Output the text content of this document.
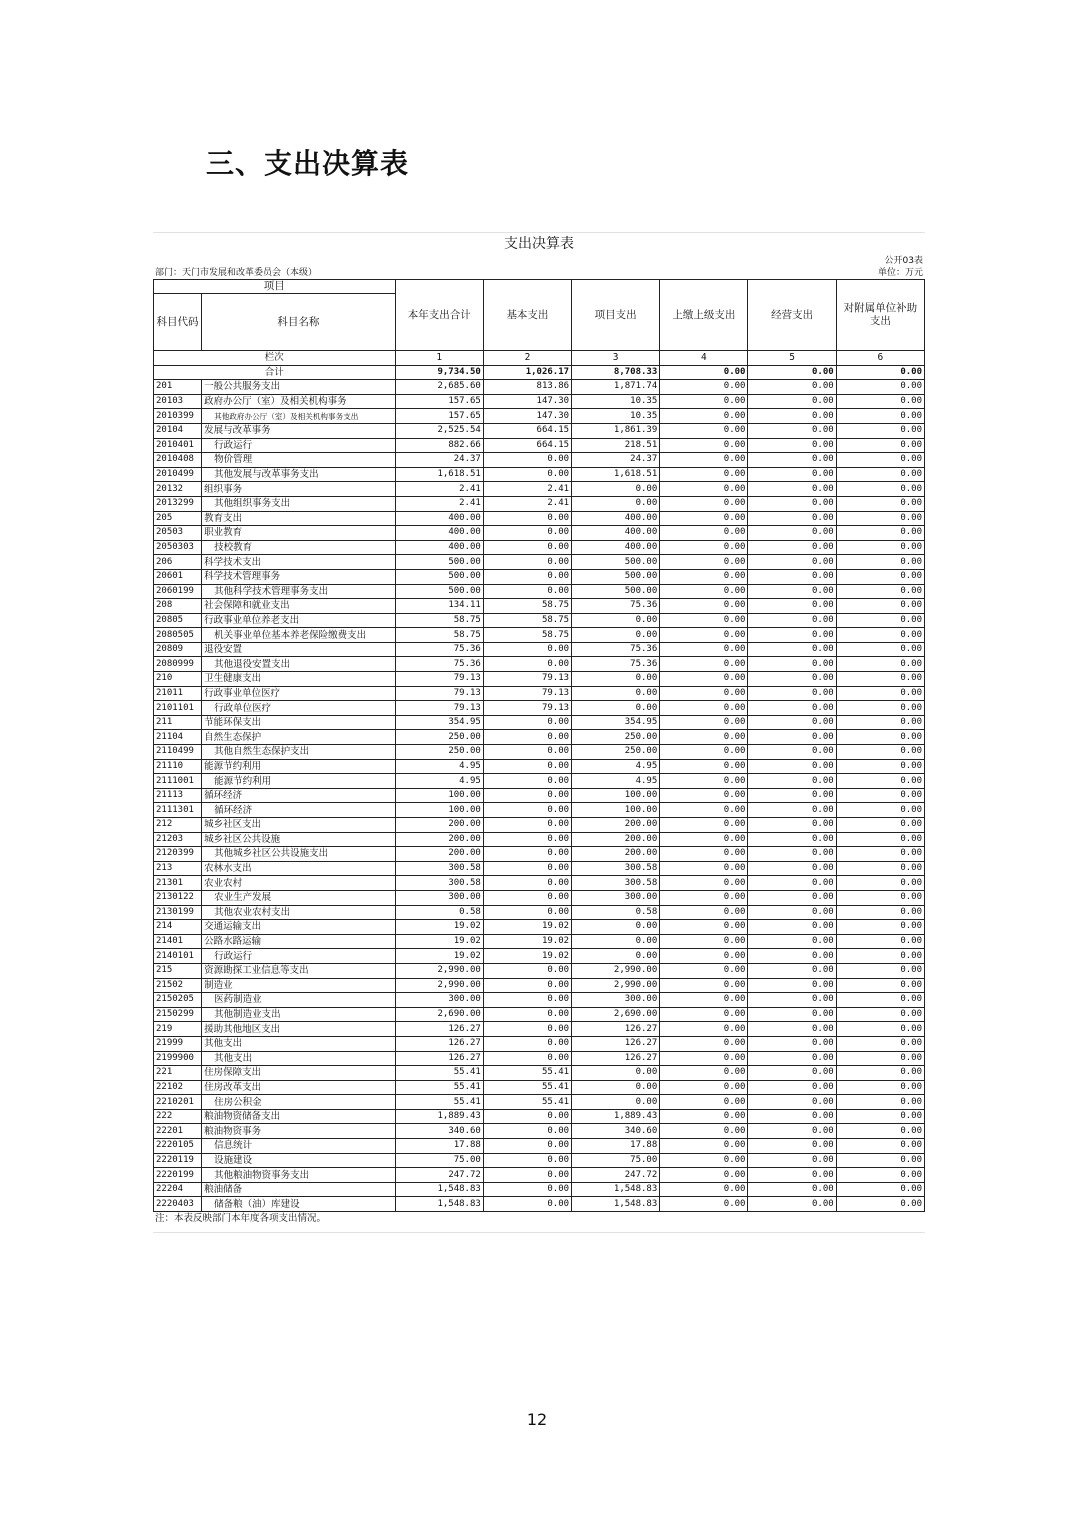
三、支出决算表
支出决算表
公开03表
部门：天门市发展和改革委员会（本级）	单位：万元
项目		本年支出合计	基本支出	项目支出	上缴上级支出	经营支出	对附属单位补助支出
科目代码	科目名称						
栏次		1	2	3	4	5	6
合计		9,734.50	1,026.17	8,708.33	0.00	0.00	0.00
201	一般公共服务支出	2,685.60	813.86	1,871.74	0.00	0.00	0.00
20103	政府办公厅（室）及相关机构事务	157.65	147.30	10.35	0.00	0.00	0.00
2010399	其他政府办公厅（室）及相关机构事务支出	157.65	147.30	10.35	0.00	0.00	0.00
20104	发展与改革事务	2,525.54	664.15	1,861.39	0.00	0.00	0.00
2010401	行政运行	882.66	664.15	218.51	0.00	0.00	0.00
2010408	物价管理	24.37	0.00	24.37	0.00	0.00	0.00
2010499	其他发展与改革事务支出	1,618.51	0.00	1,618.51	0.00	0.00	0.00
20132	组织事务	2.41	2.41	0.00	0.00	0.00	0.00
2013299	其他组织事务支出	2.41	2.41	0.00	0.00	0.00	0.00
205	教育支出	400.00	0.00	400.00	0.00	0.00	0.00
20503	职业教育	400.00	0.00	400.00	0.00	0.00	0.00
2050303	技校教育	400.00	0.00	400.00	0.00	0.00	0.00
206	科学技术支出	500.00	0.00	500.00	0.00	0.00	0.00
20601	科学技术管理事务	500.00	0.00	500.00	0.00	0.00	0.00
2060199	其他科学技术管理事务支出	500.00	0.00	500.00	0.00	0.00	0.00
208	社会保障和就业支出	134.11	58.75	75.36	0.00	0.00	0.00
20805	行政事业单位养老支出	58.75	58.75	0.00	0.00	0.00	0.00
2080505	机关事业单位基本养老保险缴费支出	58.75	58.75	0.00	0.00	0.00	0.00
20809	退役安置	75.36	0.00	75.36	0.00	0.00	0.00
2080999	其他退役安置支出	75.36	0.00	75.36	0.00	0.00	0.00
210	卫生健康支出	79.13	79.13	0.00	0.00	0.00	0.00
21011	行政事业单位医疗	79.13	79.13	0.00	0.00	0.00	0.00
2101101	行政单位医疗	79.13	79.13	0.00	0.00	0.00	0.00
211	节能环保支出	354.95	0.00	354.95	0.00	0.00	0.00
21104	自然生态保护	250.00	0.00	250.00	0.00	0.00	0.00
2110499	其他自然生态保护支出	250.00	0.00	250.00	0.00	0.00	0.00
21110	能源节约利用	4.95	0.00	4.95	0.00	0.00	0.00
2111001	能源节约利用	4.95	0.00	4.95	0.00	0.00	0.00
21113	循环经济	100.00	0.00	100.00	0.00	0.00	0.00
2111301	循环经济	100.00	0.00	100.00	0.00	0.00	0.00
212	城乡社区支出	200.00	0.00	200.00	0.00	0.00	0.00
21203	城乡社区公共设施	200.00	0.00	200.00	0.00	0.00	0.00
2120399	其他城乡社区公共设施支出	200.00	0.00	200.00	0.00	0.00	0.00
213	农林水支出	300.58	0.00	300.58	0.00	0.00	0.00
21301	农业农村	300.58	0.00	300.58	0.00	0.00	0.00
2130122	农业生产发展	300.00	0.00	300.00	0.00	0.00	0.00
2130199	其他农业农村支出	0.58	0.00	0.58	0.00	0.00	0.00
214	交通运输支出	19.02	19.02	0.00	0.00	0.00	0.00
21401	公路水路运输	19.02	19.02	0.00	0.00	0.00	0.00
2140101	行政运行	19.02	19.02	0.00	0.00	0.00	0.00
215	资源勘探工业信息等支出	2,990.00	0.00	2,990.00	0.00	0.00	0.00
21502	制造业	2,990.00	0.00	2,990.00	0.00	0.00	0.00
2150205	医药制造业	300.00	0.00	300.00	0.00	0.00	0.00
2150299	其他制造业支出	2,690.00	0.00	2,690.00	0.00	0.00	0.00
219	援助其他地区支出	126.27	0.00	126.27	0.00	0.00	0.00
21999	其他支出	126.27	0.00	126.27	0.00	0.00	0.00
2199900	其他支出	126.27	0.00	126.27	0.00	0.00	0.00
221	住房保障支出	55.41	55.41	0.00	0.00	0.00	0.00
22102	住房改革支出	55.41	55.41	0.00	0.00	0.00	0.00
2210201	住房公积金	55.41	55.41	0.00	0.00	0.00	0.00
222	粮油物资储备支出	1,889.43	0.00	1,889.43	0.00	0.00	0.00
22201	粮油物资事务	340.60	0.00	340.60	0.00	0.00	0.00
2220105	信息统计	17.88	0.00	17.88	0.00	0.00	0.00
2220119	设施建设	75.00	0.00	75.00	0.00	0.00	0.00
2220199	其他粮油物资事务支出	247.72	0.00	247.72	0.00	0.00	0.00
22204	粮油储备	1,548.83	0.00	1,548.83	0.00	0.00	0.00
2220403	储备粮（油）库建设	1,548.83	0.00	1,548.83	0.00	0.00	0.00
注：本表反映部门本年度各项支出情况。
12
